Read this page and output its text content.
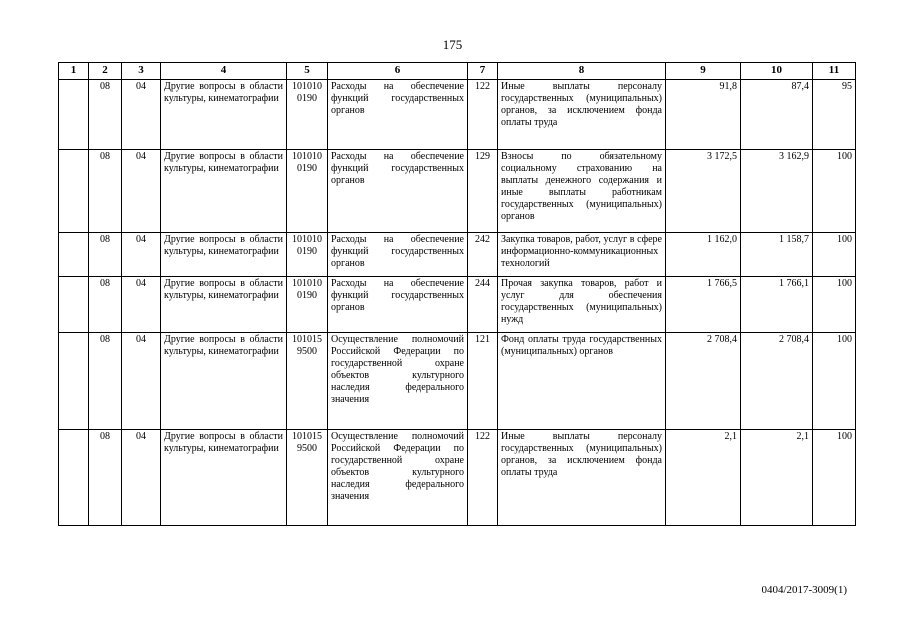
175
1	2	3	4	5	6	7	8	9	10	11
	08	04	Другие вопросы в области культуры, кинематографии	101010 0190	Расходы на обеспечение функций государственных органов	122	Иные выплаты персоналу государственных (муниципальных) органов, за исключением фонда оплаты труда	91,8	87,4	95
	08	04	Другие вопросы в области культуры, кинематографии	101010 0190	Расходы на обеспечение функций государственных органов	129	Взносы по обязательному социальному страхованию на выплаты денежного содержания и иные выплаты работникам государственных (муниципальных) органов	3 172,5	3 162,9	100
	08	04	Другие вопросы в области культуры, кинематографии	101010 0190	Расходы на обеспечение функций государственных органов	242	Закупка товаров, работ, услуг в сфере информационно-коммуникационных технологий	1 162,0	1 158,7	100
	08	04	Другие вопросы в области культуры, кинематографии	101010 0190	Расходы на обеспечение функций государственных органов	244	Прочая закупка товаров, работ и услуг для обеспечения государственных (муниципальных) нужд	1 766,5	1 766,1	100
	08	04	Другие вопросы в области культуры, кинематографии	101015 9500	Осуществление полномочий Российской Федерации по государственной охране объектов культурного наследия федерального значения	121	Фонд оплаты труда государственных (муниципальных) органов	2 708,4	2 708,4	100
	08	04	Другие вопросы в области культуры, кинематографии	101015 9500	Осуществление полномочий Российской Федерации по государственной охране объектов культурного наследия федерального значения	122	Иные выплаты персоналу государственных (муниципальных) органов, за исключением фонда оплаты труда	2,1	2,1	100
0404/2017-3009(1)
